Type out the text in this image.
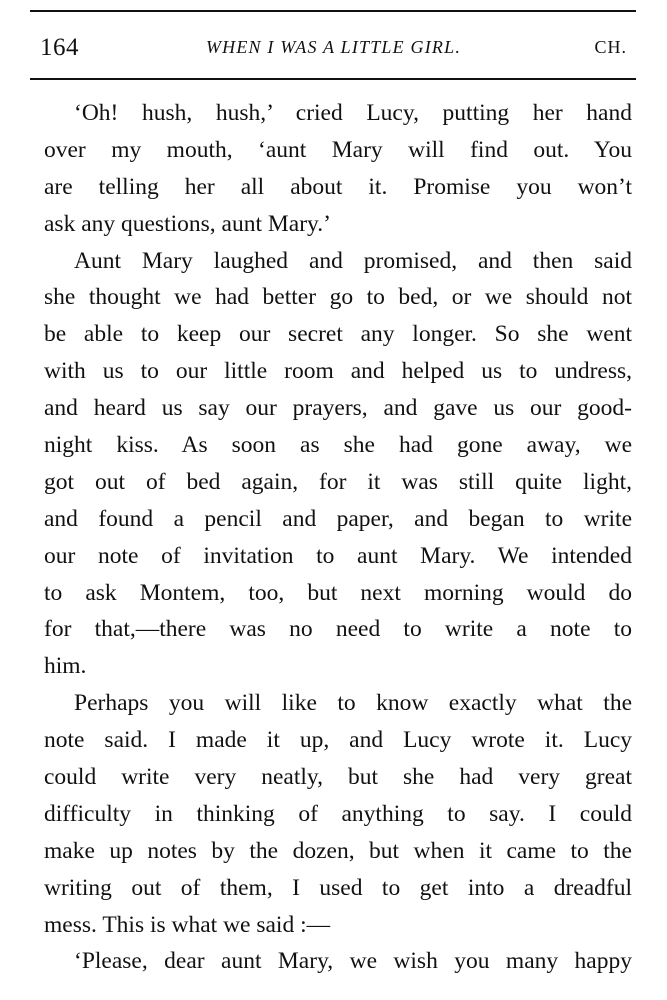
164	WHEN I WAS A LITTLE GIRL.	CH.
‘Oh! hush, hush,’ cried Lucy, putting her hand
over my mouth, ‘aunt Mary will find out. You
are telling her all about it. Promise you won’t
ask any questions, aunt Mary.’
Aunt Mary laughed and promised, and then said
she thought we had better go to bed, or we should not
be able to keep our secret any longer. So she went
with us to our little room and helped us to undress,
and heard us say our prayers, and gave us our good-
night kiss. As soon as she had gone away, we
got out of bed again, for it was still quite light,
and found a pencil and paper, and began to write
our note of invitation to aunt Mary. We intended
to ask Montem, too, but next morning would do
for that,—there was no need to write a note to
him.
Perhaps you will like to know exactly what the
note said. I made it up, and Lucy wrote it. Lucy
could write very neatly, but she had very great
difficulty in thinking of anything to say. I could
make up notes by the dozen, but when it came to the
writing out of them, I used to get into a dreadful
mess. This is what we said :—
‘Please, dear aunt Mary, we wish you many happy
